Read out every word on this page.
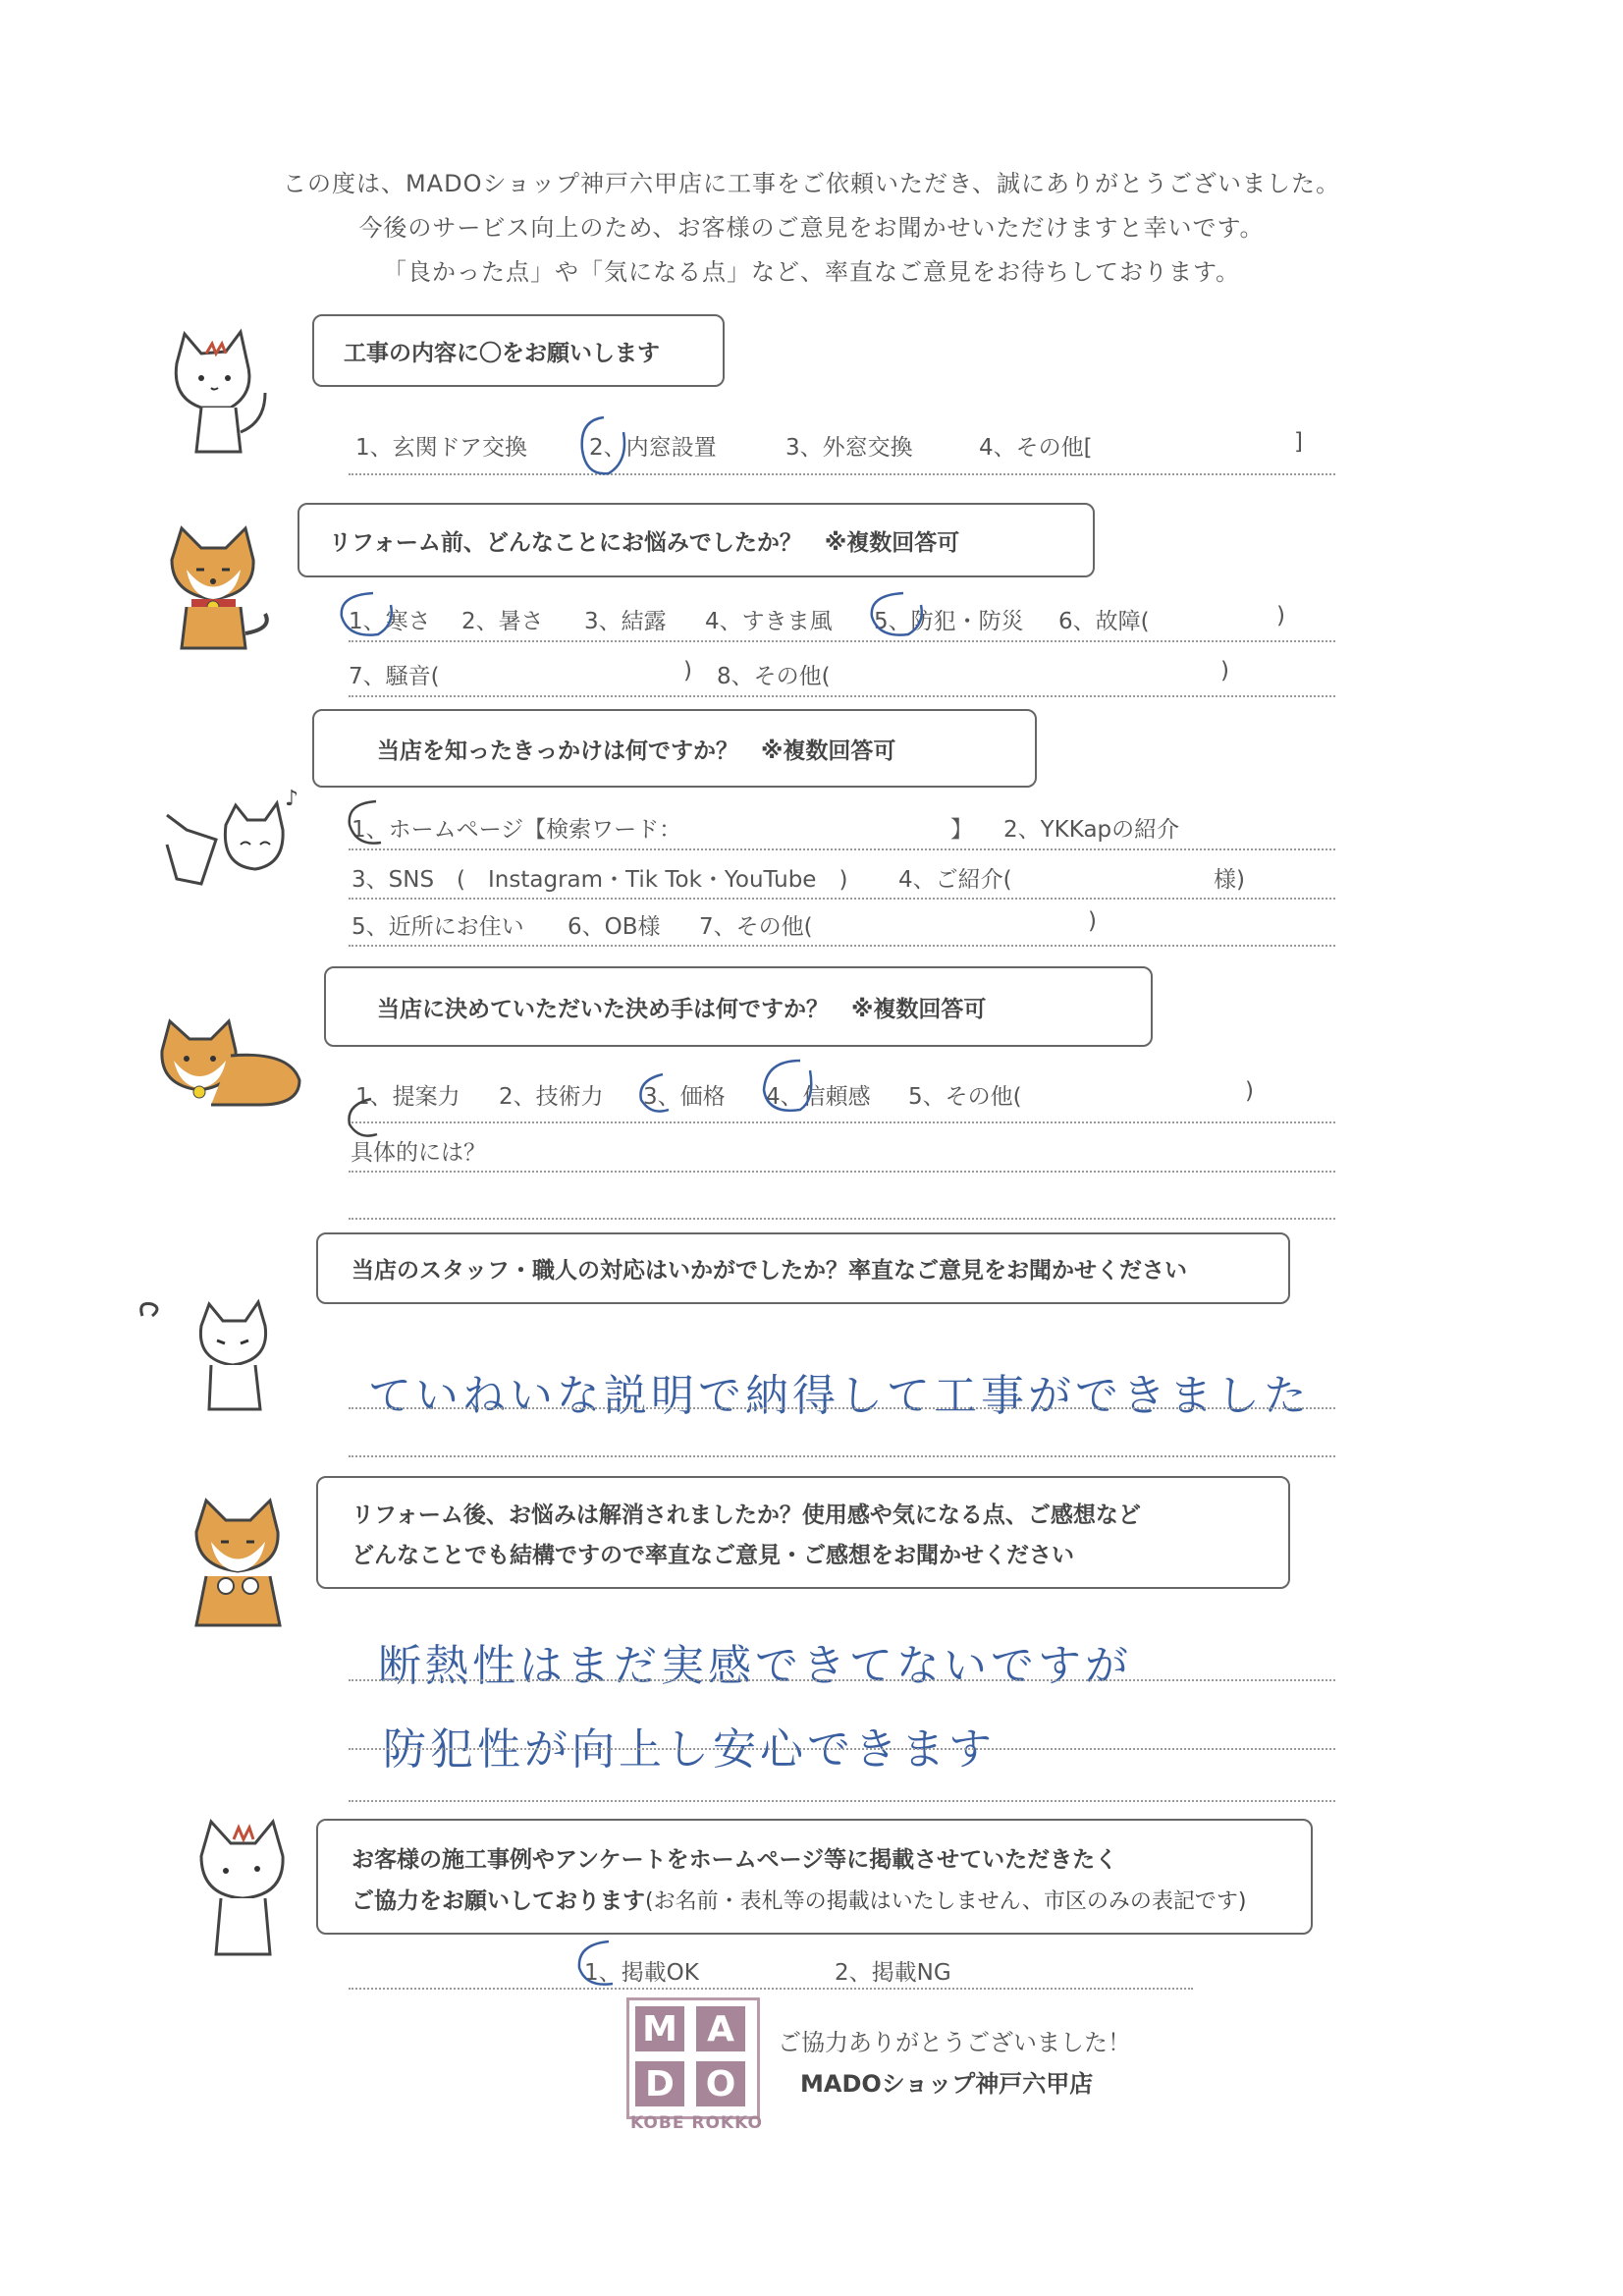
この度は、MADOショップ神戸六甲店に工事をご依頼いただき、誠にありがとうございました。
今後のサービス向上のため、お客様のご意見をお聞かせいただけますと幸いです。
「良かった点」や「気になる点」など、率直なご意見をお待ちしております。
♪
工事の内容に〇をお願いします
1、玄関ドア交換	2、内窓設置	3、外窓交換	4、その他[	]
リフォーム前、どんなことにお悩みでしたか？　※複数回答可
1、寒さ 2、暑さ 3、結露 4、すきま風 5、防犯・防災 6、故障(	)
7、騒音(	) 8、その他(	)
当店を知ったきっかけは何ですか？　※複数回答可
1、ホームページ【検索ワード：	】 2、YKKapの紹介
3、SNS　(　Instagram・Tik Tok・YouTube　) 4、ご紹介(	様)
5、近所にお住い 6、OB様 7、その他(	)
当店に決めていただいた決め手は何ですか？　※複数回答可
1、提案力 2、技術力 3、価格 4、信頼感 5、その他(	)
具体的には？
当店のスタッフ・職人の対応はいかがでしたか？率直なご意見をお聞かせください
ていねいな説明で納得して工事ができました
リフォーム後、お悩みは解消されましたか？使用感や気になる点、ご感想など
どんなことでも結構ですので率直なご意見・ご感想をお聞かせください
断熱性はまだ実感できてないですが
防犯性が向上し安心できます
お客様の施工事例やアンケートをホームページ等に掲載させていただきたく
ご協力をお願いしております(お名前・表札等の掲載はいたしません、市区のみの表記です)
1、掲載OK	2、掲載NG
M A
D O
KOBE ROKKO
ご協力ありがとうございました！
MADOショップ神戸六甲店
